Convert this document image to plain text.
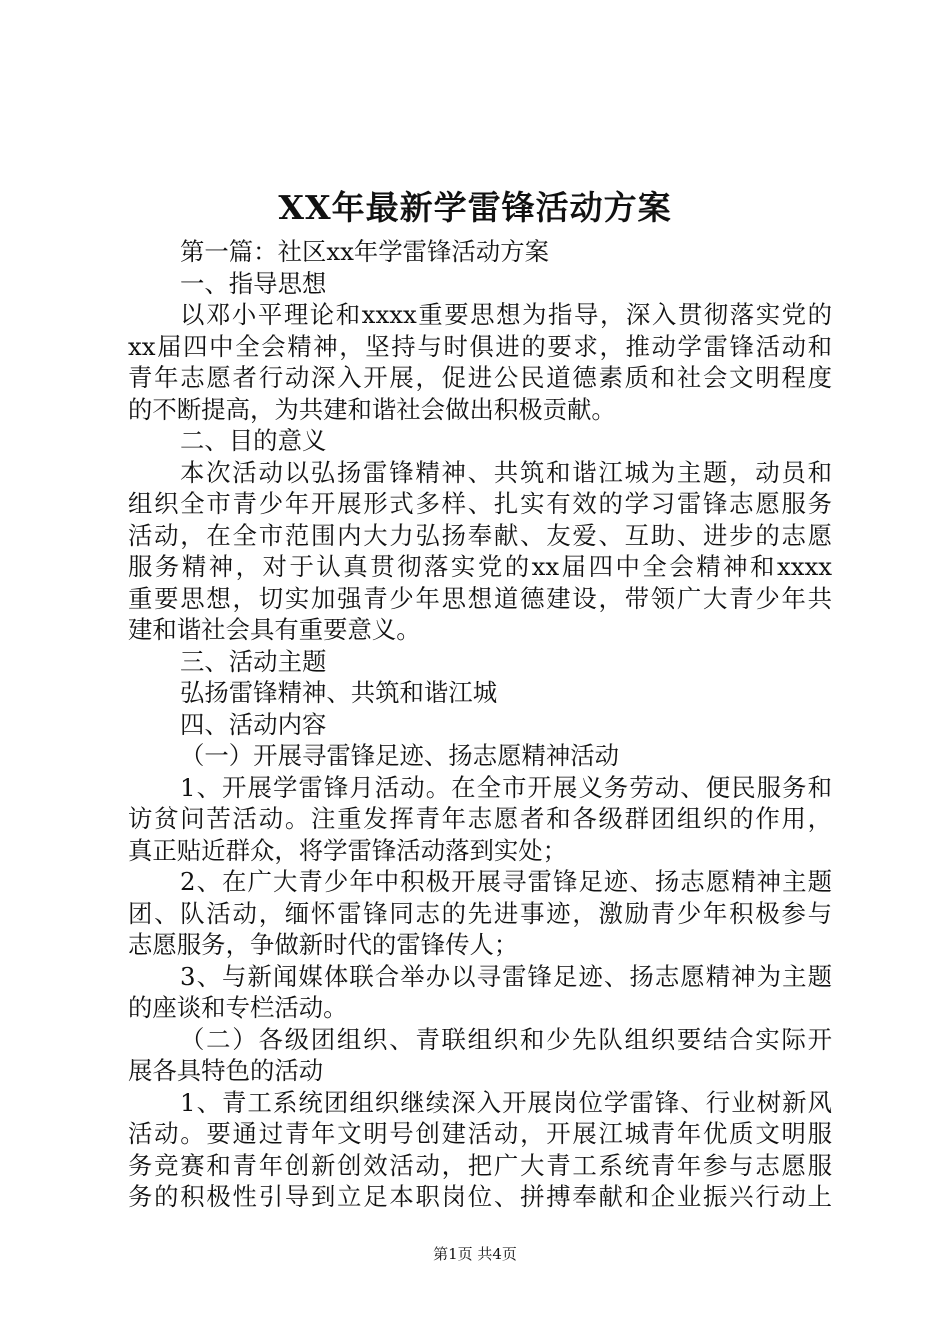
XX年最新学雷锋活动方案
第一篇：社区xx年学雷锋活动方案
一、指导思想
以邓小平理论和xxxx重要思想为指导，深入贯彻落实党的
xx届四中全会精神，坚持与时俱进的要求，推动学雷锋活动和
青年志愿者行动深入开展，促进公民道德素质和社会文明程度
的不断提高，为共建和谐社会做出积极贡献。
二、目的意义
本次活动以弘扬雷锋精神、共筑和谐江城为主题，动员和
组织全市青少年开展形式多样、扎实有效的学习雷锋志愿服务
活动，在全市范围内大力弘扬奉献、友爱、互助、进步的志愿
服务精神，对于认真贯彻落实党的xx届四中全会精神和xxxx
重要思想，切实加强青少年思想道德建设，带领广大青少年共
建和谐社会具有重要意义。
三、活动主题
弘扬雷锋精神、共筑和谐江城
四、活动内容
（一）开展寻雷锋足迹、扬志愿精神活动
1、开展学雷锋月活动。在全市开展义务劳动、便民服务和
访贫问苦活动。注重发挥青年志愿者和各级群团组织的作用，
真正贴近群众，将学雷锋活动落到实处；
2、在广大青少年中积极开展寻雷锋足迹、扬志愿精神主题
团、队活动，缅怀雷锋同志的先进事迹，激励青少年积极参与
志愿服务，争做新时代的雷锋传人；
3、与新闻媒体联合举办以寻雷锋足迹、扬志愿精神为主题
的座谈和专栏活动。
（二）各级团组织、青联组织和少先队组织要结合实际开
展各具特色的活动
1、青工系统团组织继续深入开展岗位学雷锋、行业树新风
活动。要通过青年文明号创建活动，开展江城青年优质文明服
务竞赛和青年创新创效活动，把广大青工系统青年参与志愿服
务的积极性引导到立足本职岗位、拼搏奉献和企业振兴行动上
第1页 共4页
